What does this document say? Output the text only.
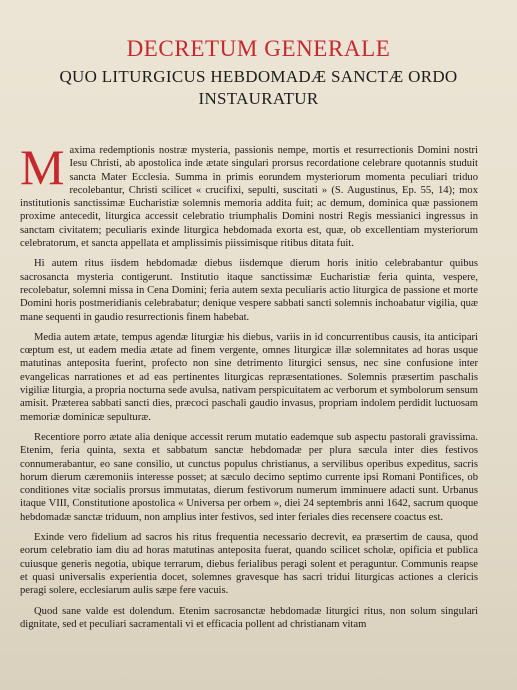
DECRETUM GENERALE
QUO LITURGICUS HEBDOMADÆ SANCTÆ ORDO
INSTAURATUR

Maxima redemptionis nostræ mysteria, passionis nempe, mortis et resurrectionis Domini nostri Iesu Christi, ab apostolica inde ætate singulari prorsus recordatione celebrare quotannis studuit sancta Mater Ecclesia. Summa in primis eorundem mysteriorum momenta peculiari triduo recolebantur, Christi scilicet « crucifixi, sepulti, suscitati » (S. Augustinus, Ep. 55, 14); mox institutionis sanctissimæ Eucharistiæ solemnis memoria addita fuit; ac demum, dominica quæ passionem proxime antecedit, liturgica accessit celebratio triumphalis Domini nostri Regis messianici ingressus in sanctam civitatem; peculiaris exinde liturgica hebdomada exorta est, quæ, ob excellentiam mysteriorum celebratorum, et sancta appellata et amplissimis piissimisque ritibus ditata fuit.

Hi autem ritus iisdem hebdomadæ diebus iisdemque dierum horis initio celebrabantur quibus sacrosancta mysteria contigerunt. Institutio itaque sanctissimæ Eucharistiæ feria quinta, vespere, recolebatur, solemni missa in Cena Domini; feria autem sexta peculiaris actio liturgica de passione et morte Domini horis postmeridianis celebrabatur; denique vespere sabbati sancti solemnis inchoabatur vigilia, quæ mane sequenti in gaudio resurrectionis finem habebat.

Media autem ætate, tempus agendæ liturgiæ his diebus, variis in id concurrentibus causis, ita anticipari cœptum est, ut eadem media ætate ad finem vergente, omnes liturgicæ illæ solemnitates ad horas usque matutinas anteposita fuerint, profecto non sine detrimento liturgici sensus, nec sine confusione inter evangelicas narrationes et ad eas pertinentes liturgicas repræsentationes. Solemnis præsertim paschalis vigiliæ liturgia, a propria nocturna sede avulsa, nativam perspicuitatem ac verborum et symbolorum sensum amisit. Præterea sabbati sancti dies, præcoci paschali gaudio invasus, propriam indolem perdidit luctuosam memoriæ dominicæ sepulturæ.

Recentiore porro ætate alia denique accessit rerum mutatio eademque sub aspectu pastorali gravissima. Etenim, feria quinta, sexta et sabbatum sanctæ hebdomadæ per plura sæcula inter dies festivos connumerabantur, eo sane consilio, ut cunctus populus christianus, a servilibus operibus expeditus, sacris horum dierum cæremoniis interesse posset; at sæculo decimo septimo currente ipsi Romani Pontifices, ob conditiones vitæ socialis prorsus immutatas, dierum festivorum numerum imminuere adacti sunt. Urbanus itaque VIII, Constitutione apostolica « Universa per orbem », diei 24 septembris anni 1642, sacrum quoque hebdomadæ sanctæ triduum, non amplius inter festivos, sed inter feriales dies recensere coactus est.

Exinde vero fidelium ad sacros his ritus frequentia necessario decrevit, ea præsertim de causa, quod eorum celebratio iam diu ad horas matutinas anteposita fuerat, quando scilicet scholæ, opificia et publica cuiusque generis negotia, ubique terrarum, diebus ferialibus peragi solent et peraguntur. Communis reapse et quasi universalis experientia docet, solemnes gravesque has sacri tridui liturgicas actiones a clericis peragi solere, ecclesiarum aulis sæpe fere vacuis.

Quod sane valde est dolendum. Etenim sacrosanctæ hebdomadæ liturgici ritus, non solum singulari dignitate, sed et peculiari sacramentali vi et efficacia pollent ad christianam vitam
